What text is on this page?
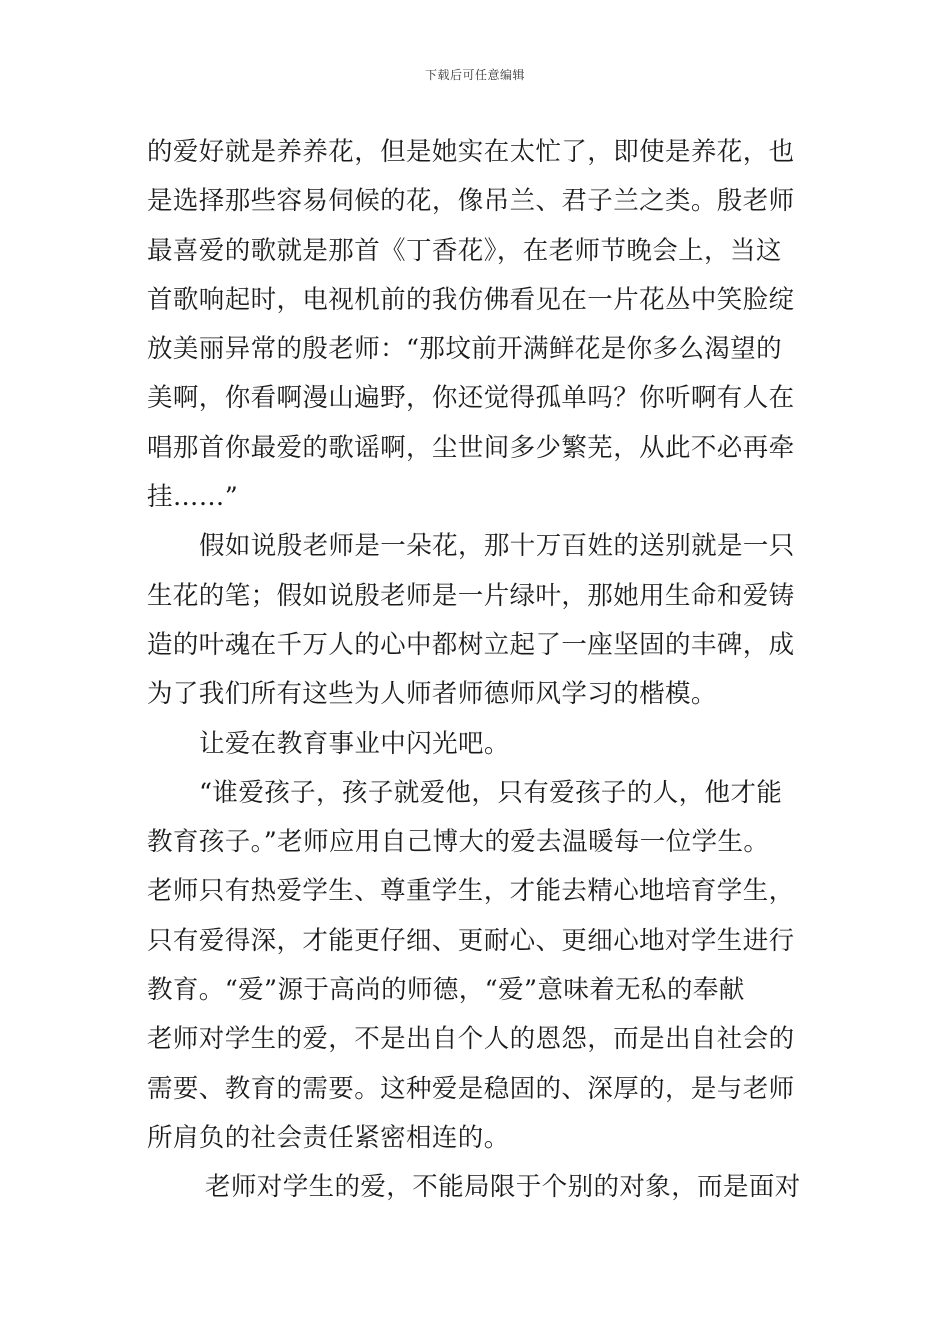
下载后可任意编辑
的爱好就是养养花，但是她实在太忙了，即使是养花，也
是选择那些容易伺候的花，像吊兰、君子兰之类。殷老师
最喜爱的歌就是那首《丁香花》，在老师节晚会上，当这
首歌响起时，电视机前的我仿佛看见在一片花丛中笑脸绽
放美丽异常的殷老师：“那坟前开满鲜花是你多么渴望的
美啊，你看啊漫山遍野，你还觉得孤单吗？你听啊有人在
唱那首你最爱的歌谣啊，尘世间多少繁芜，从此不必再牵
挂……”
假如说殷老师是一朵花，那十万百姓的送别就是一只
生花的笔；假如说殷老师是一片绿叶，那她用生命和爱铸
造的叶魂在千万人的心中都树立起了一座坚固的丰碑，成
为了我们所有这些为人师者师德师风学习的楷模。
让爱在教育事业中闪光吧。
“谁爱孩子，孩子就爱他，只有爱孩子的人，他才能
教育孩子。”老师应用自己博大的爱去温暖每一位学生。
老师只有热爱学生、尊重学生，才能去精心地培育学生，
只有爱得深，才能更仔细、更耐心、更细心地对学生进行
教育。“爱”源于高尚的师德，“爱”意味着无私的奉献
老师对学生的爱，不是出自个人的恩怨，而是出自社会的
需要、教育的需要。这种爱是稳固的、深厚的，是与老师
所肩负的社会责任紧密相连的。
老师对学生的爱，不能局限于个别的对象，而是面对
